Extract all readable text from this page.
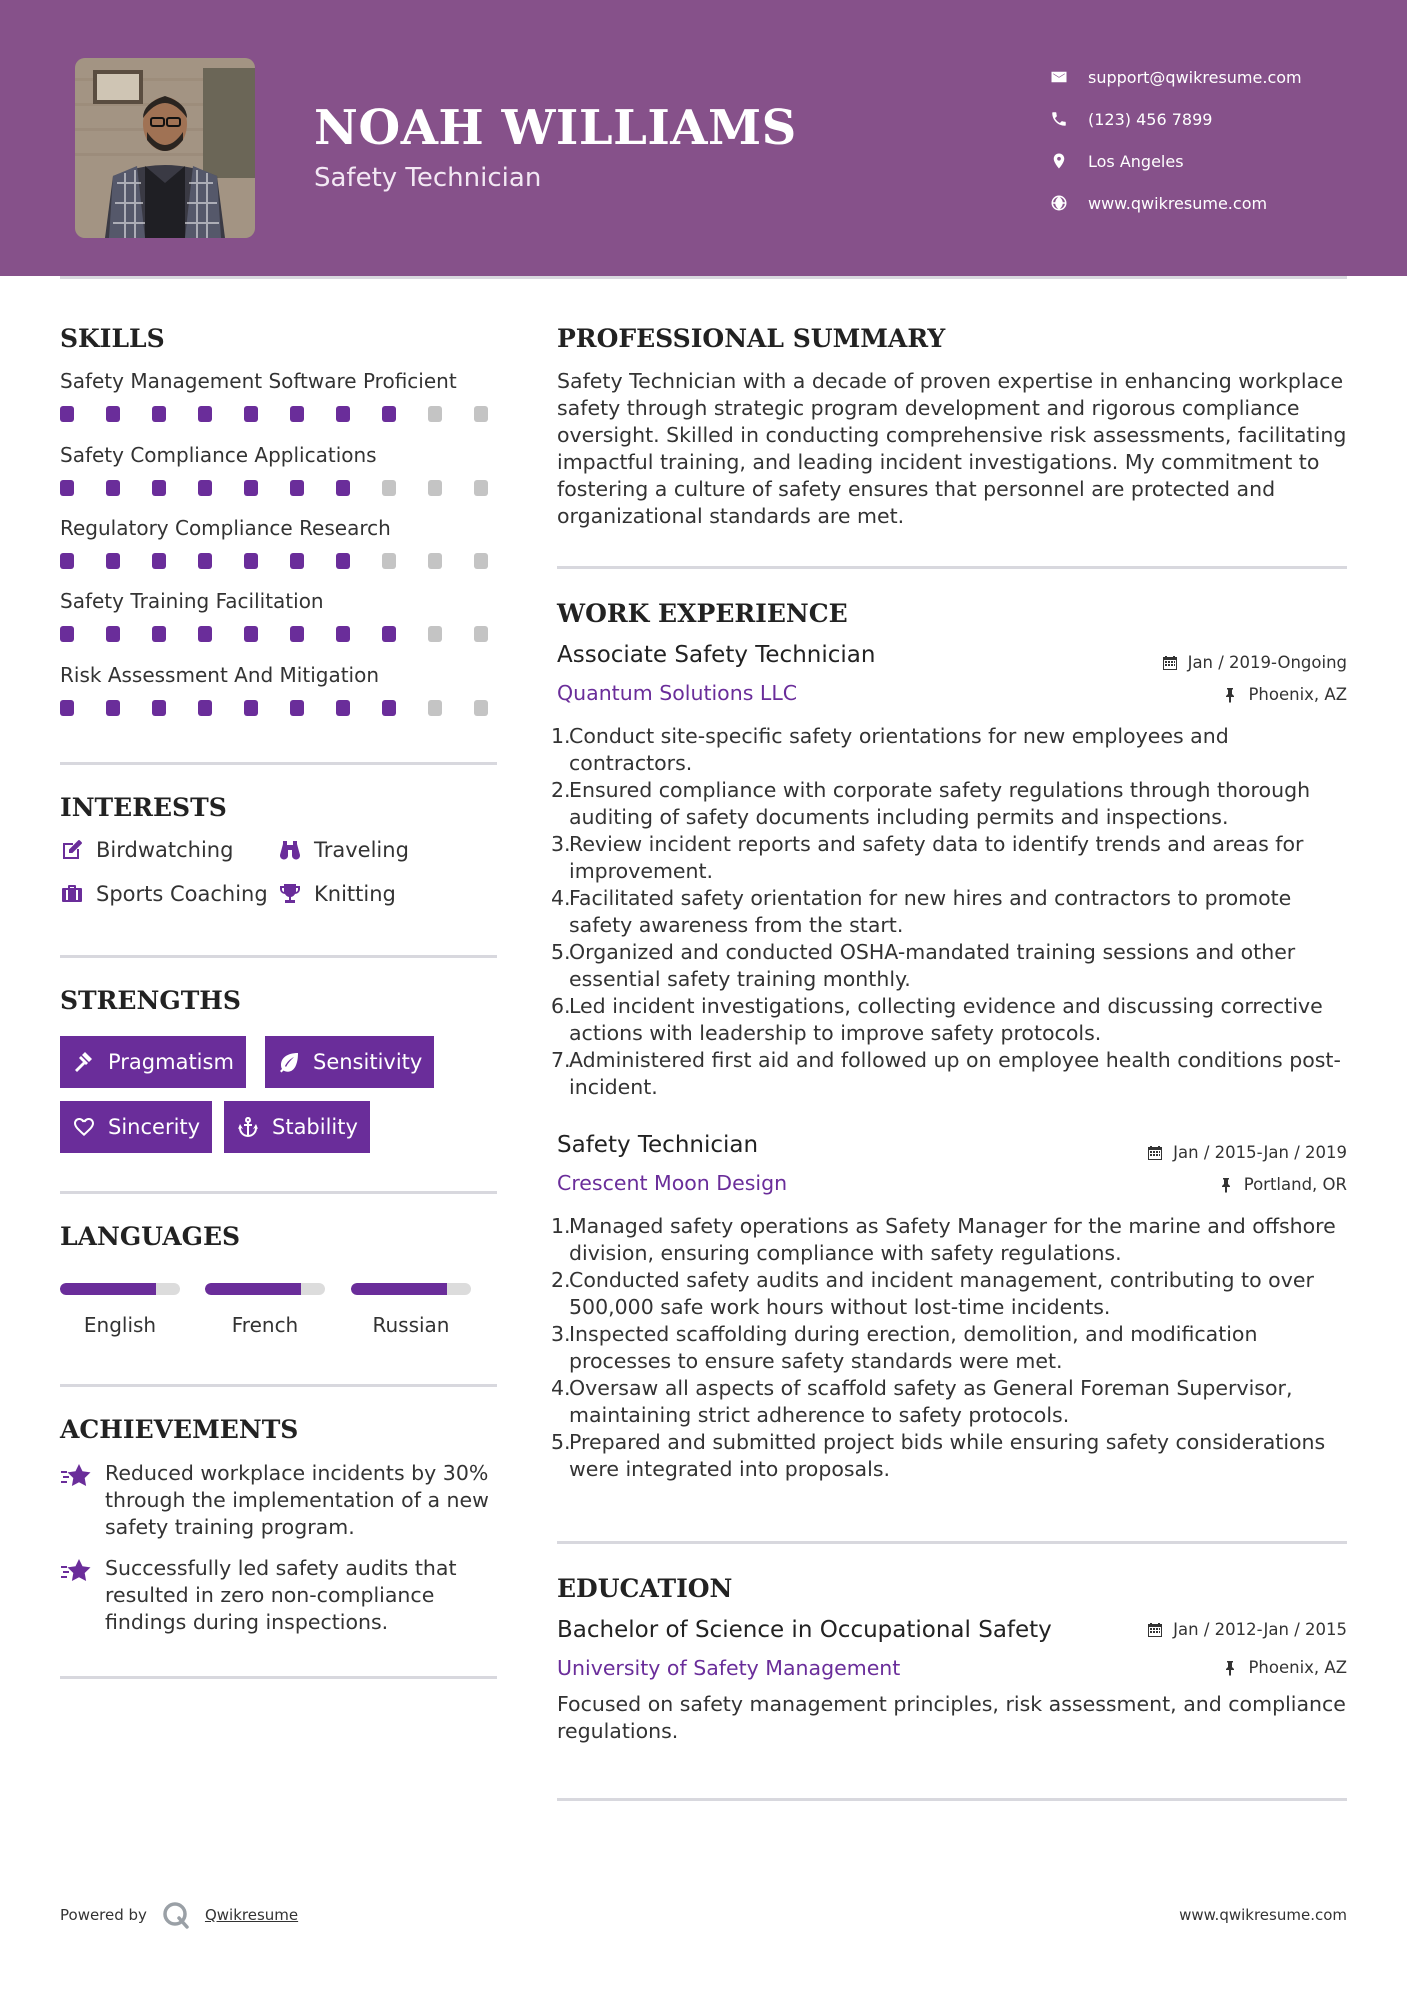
NOAH WILLIAMS
Safety Technician
support@qwikresume.com
(123) 456 7899
Los Angeles
www.qwikresume.com
SKILLS
Safety Management Software Proficient
Safety Compliance Applications
Regulatory Compliance Research
Safety Training Facilitation
Risk Assessment And Mitigation
INTERESTS
Birdwatching	Traveling
Sports Coaching Knitting
STRENGTHS
Pragmatism	Sensitivity
Sincerity	Stability
LANGUAGES
English	French	Russian
ACHIEVEMENTS
Reduced workplace incidents by 30% through the implementation of a new safety training program.
Successfully led safety audits that resulted in zero non-compliance findings during inspections.
PROFESSIONAL SUMMARY
Safety Technician with a decade of proven expertise in enhancing workplace safety through strategic program development and rigorous compliance oversight. Skilled in conducting comprehensive risk assessments, facilitating impactful training, and leading incident investigations. My commitment to fostering a culture of safety ensures that personnel are protected and organizational standards are met.
WORK EXPERIENCE
Associate Safety Technician	Jan / 2019-Ongoing
Quantum Solutions LLC	Phoenix, AZ
1.
Conduct site-specific safety orientations for new employees and contractors.
2.
Ensured compliance with corporate safety regulations through thorough auditing of safety documents including permits and inspections.
3.
Review incident reports and safety data to identify trends and areas for improvement.
4.
Facilitated safety orientation for new hires and contractors to promote safety awareness from the start.
5.
Organized and conducted OSHA-mandated training sessions and other essential safety training monthly.
6.
Led incident investigations, collecting evidence and discussing corrective actions with leadership to improve safety protocols.
7.
Administered first aid and followed up on employee health conditions post-incident.
Safety Technician	Jan / 2015-Jan / 2019
Crescent Moon Design	Portland, OR
1.
Managed safety operations as Safety Manager for the marine and offshore division, ensuring compliance with safety regulations.
2.
Conducted safety audits and incident management, contributing to over 500,000 safe work hours without lost-time incidents.
3.
Inspected scaffolding during erection, demolition, and modification processes to ensure safety standards were met.
4.
Oversaw all aspects of scaffold safety as General Foreman Supervisor, maintaining strict adherence to safety protocols.
5.
Prepared and submitted project bids while ensuring safety considerations were integrated into proposals.
EDUCATION
Bachelor of Science in Occupational Safety	Jan / 2012-Jan / 2015
University of Safety Management	Phoenix, AZ
Focused on safety management principles, risk assessment, and compliance regulations.
Powered by	Qwikresume	www.qwikresume.com
